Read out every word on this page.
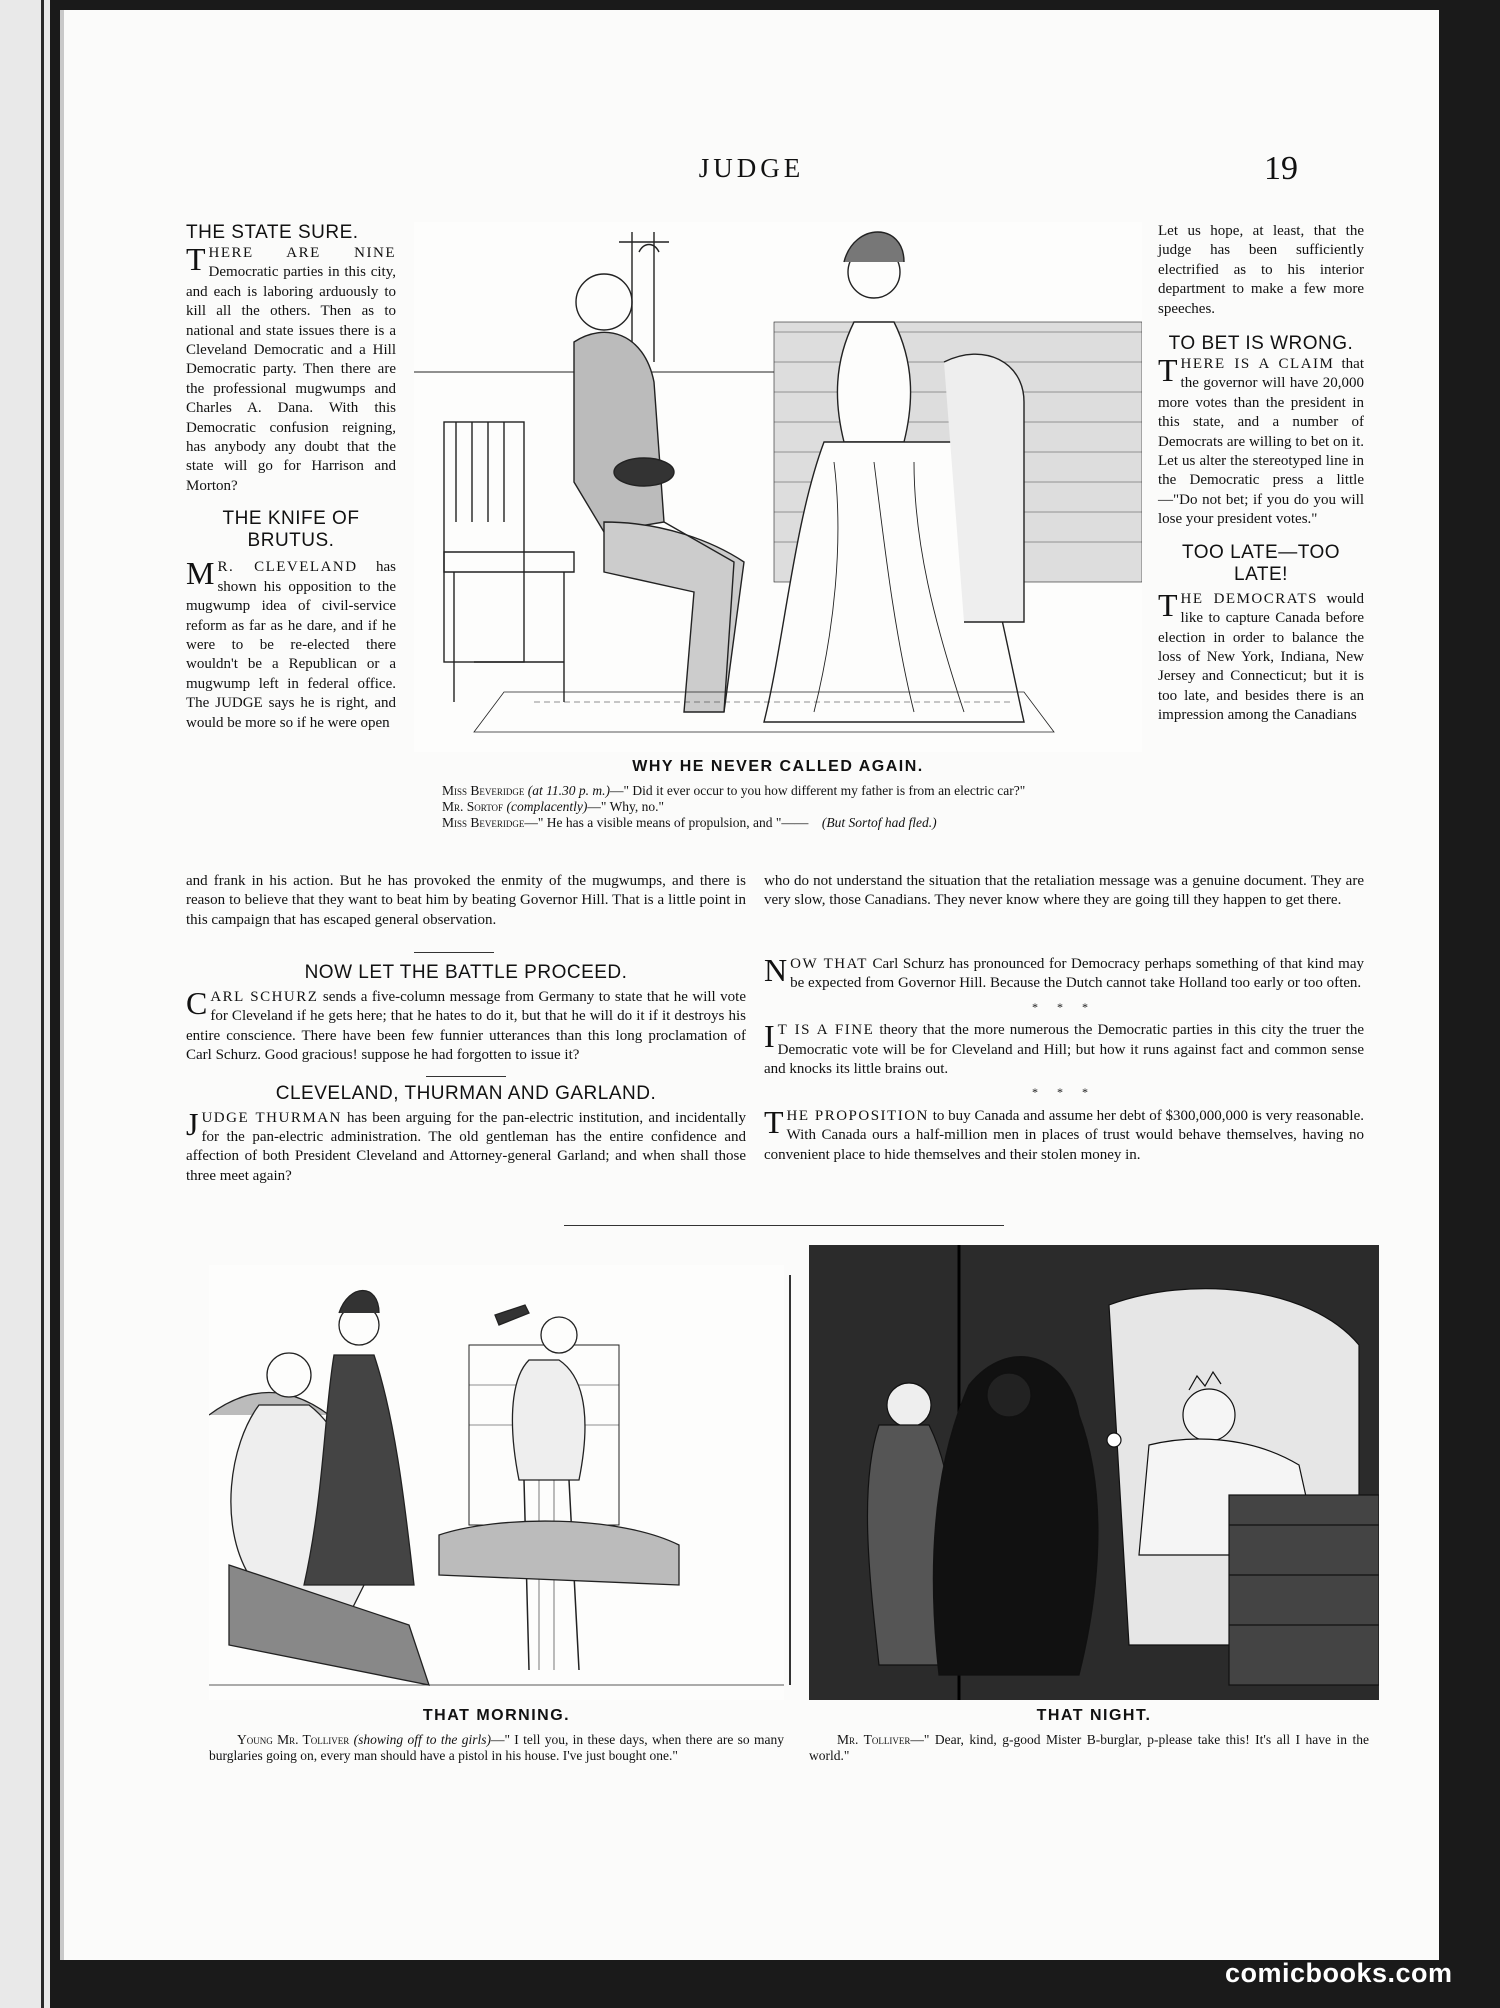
JUDGE	19
THE STATE SURE.

THERE ARE NINE Democratic parties in this city, and each is laboring arduously to kill all the others. Then as to national and state issues there is a Cleveland Democratic and a Hill Democratic party. Then there are the professional mugwumps and Charles A. Dana. With this Democratic confusion reigning, has anybody any doubt that the state will go for Harrison and Morton?

THE KNIFE OF BRUTUS.

M R. CLEVELAND has shown his opposition to the mugwump idea of civil-service reform as far as he dare, and if he were to be re-elected there wouldn't be a Republican or a mugwump left in federal office. The JUDGE says he is right, and would be more so if he were open

WHY HE NEVER CALLED AGAIN.

Miss Beveridge (at 11.30 p. m.)—" Did it ever occur to you how different my father is from an electric car?"

Mr. Sortof (complacently)—" Why, no."

Miss Beveridge—" He has a visible means of propulsion, and "—— (But Sortof had fled.)

Let us hope, at least, that the judge has been sufficiently electrified as to his interior department to make a few more speeches.

TO BET IS WRONG.

THERE IS A CLAIM that the governor will have 20,000 more votes than the president in this state, and a number of Democrats are willing to bet on it. Let us alter the stereotyped line in the Democratic press a little—"Do not bet; if you do you will lose your president votes."

TOO LATE—TOO LATE!

THE DEMOCRATS would like to capture Canada before election in order to balance the loss of New York, Indiana, New Jersey and Connecticut; but it is too late, and besides there is an impression among the Canadians

and frank in his action. But he has provoked the enmity of the mugwumps, and there is reason to believe that they want to beat him by beating Governor Hill. That is a little point in this campaign that has escaped general observation.
who do not understand the situation that the retaliation message was a genuine document. They are very slow, those Canadians. They never know where they are going till they happen to get there.
NOW LET THE BATTLE PROCEED.

CARL SCHURZ sends a five-column message from Germany to state that he will vote for Cleveland if he gets here; that he hates to do it, but that he will do it if it destroys his entire conscience. There have been few funnier utterances than this long proclamation of Carl Schurz. Good gracious! suppose he had forgotten to issue it?

CLEVELAND, THURMAN AND GARLAND.

JUDGE THURMAN has been arguing for the pan-electric institution, and incidentally for the pan-electric administration. The old gentleman has the entire confidence and affection of both President Cleveland and Attorney-general Garland; and when shall those three meet again?

NOW THAT Carl Schurz has pronounced for Democracy perhaps something of that kind may be expected from Governor Hill. Because the Dutch cannot take Holland too early or too often.

* * *

I T IS A FINE theory that the more numerous the Democratic parties in this city the truer the Democratic vote will be for Cleveland and Hill; but how it runs against fact and common sense and knocks its little brains out.

* * *

THE PROPOSITION to buy Canada and assume her debt of $300,000,000 is very reasonable. With Canada ours a half-million men in places of trust would behave themselves, having no convenient place to hide themselves and their stolen money in.

THAT MORNING.

Young Mr. Tolliver (showing off to the girls)—" I tell you, in these days, when there are so many burglaries going on, every man should have a pistol in his house. I've just bought one."

THAT NIGHT.

Mr. Tolliver—" Dear, kind, g-good Mister B-burglar, p-please take this! It's all I have in the world."

comicbooks.com
